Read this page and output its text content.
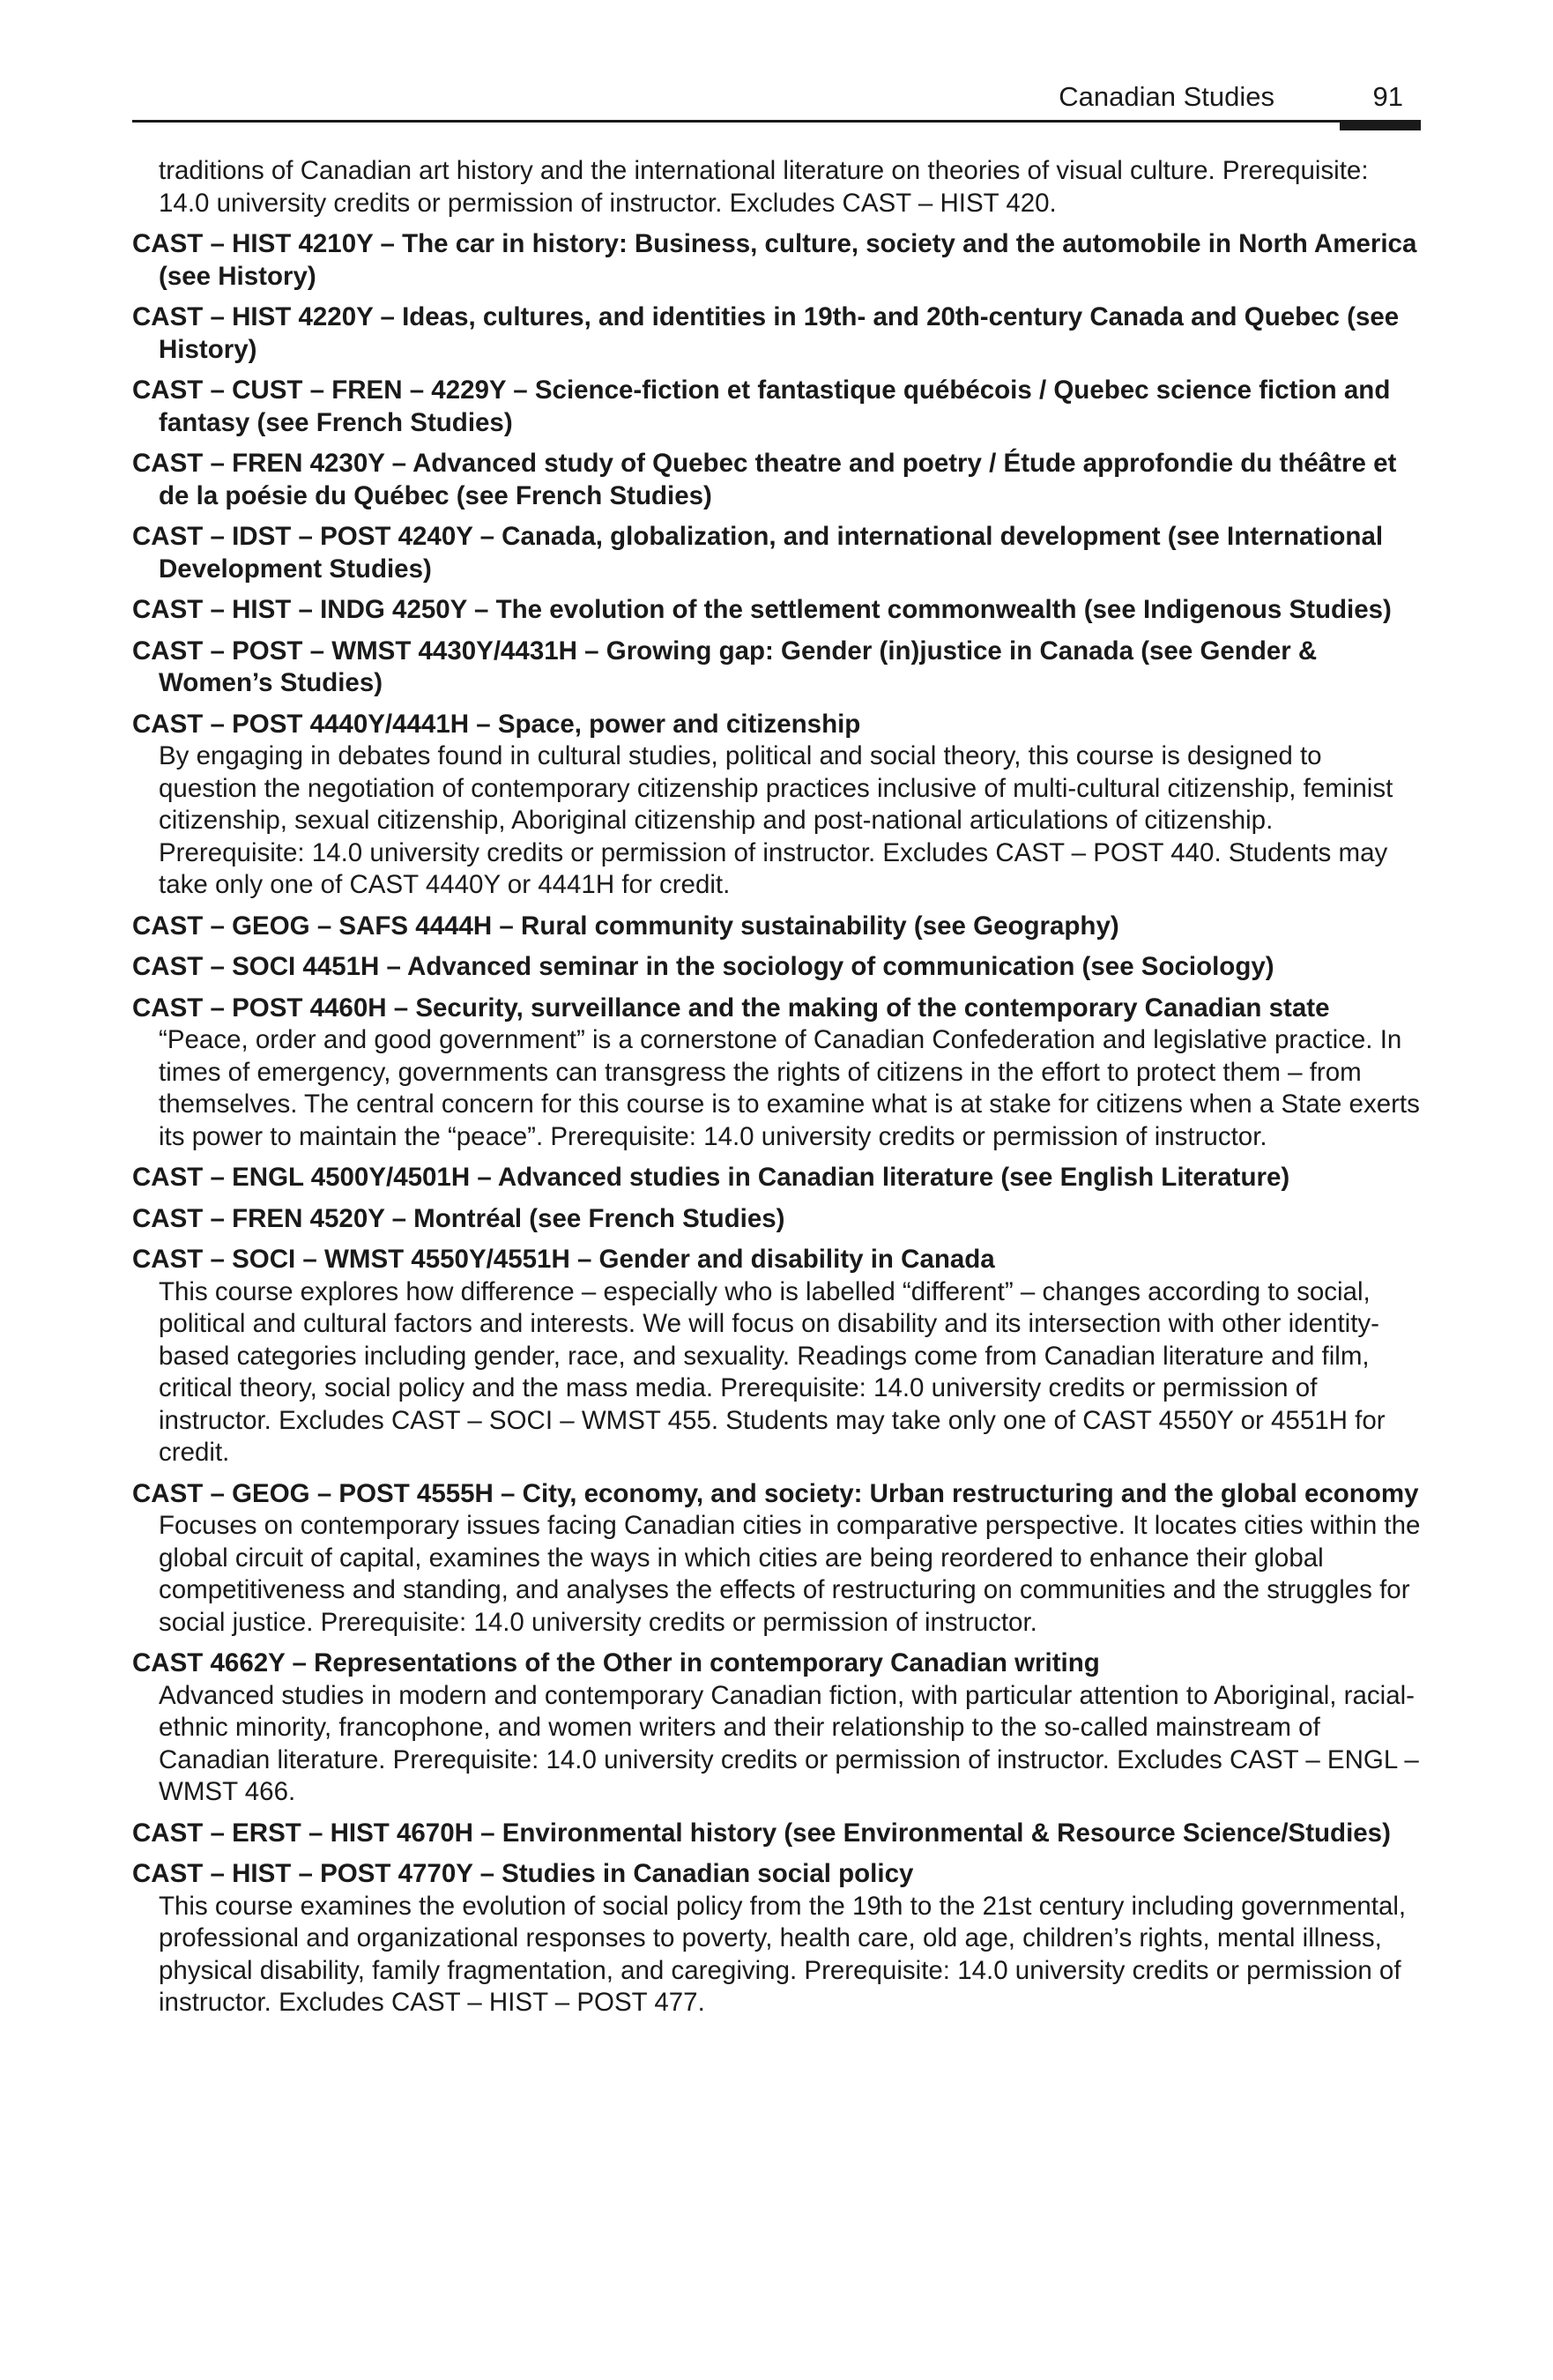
Canadian Studies	91
traditions of Canadian art history and the international literature on theories of visual culture. Prerequisite: 14.0 university credits or permission of instructor. Excludes CAST – HIST 420.
CAST – HIST 4210Y – The car in history: Business, culture, society and the automobile in North America (see History)
CAST – HIST 4220Y – Ideas, cultures, and identities in 19th- and 20th-century Canada and Quebec (see History)
CAST – CUST – FREN – 4229Y – Science-fiction et fantastique québécois / Quebec science fiction and fantasy (see French Studies)
CAST – FREN 4230Y – Advanced study of Quebec theatre and poetry / Étude approfondie du théâtre et de la poésie du Québec (see French Studies)
CAST – IDST – POST 4240Y – Canada, globalization, and international development (see International Development Studies)
CAST – HIST – INDG 4250Y – The evolution of the settlement commonwealth (see Indigenous Studies)
CAST – POST – WMST 4430Y/4431H – Growing gap: Gender (in)justice in Canada (see Gender & Women’s Studies)
CAST – POST 4440Y/4441H – Space, power and citizenship
By engaging in debates found in cultural studies, political and social theory, this course is designed to question the negotiation of contemporary citizenship practices inclusive of multi-cultural citizenship, feminist citizenship, sexual citizenship, Aboriginal citizenship and post-national articulations of citizenship. Prerequisite: 14.0 university credits or permission of instructor. Excludes CAST – POST 440. Students may take only one of CAST 4440Y or 4441H for credit.
CAST – GEOG – SAFS 4444H – Rural community sustainability (see Geography)
CAST – SOCI 4451H – Advanced seminar in the sociology of communication (see Sociology)
CAST – POST 4460H – Security, surveillance and the making of the contemporary Canadian state
“Peace, order and good government” is a cornerstone of Canadian Confederation and legislative practice. In times of emergency, governments can transgress the rights of citizens in the effort to protect them – from themselves. The central concern for this course is to examine what is at stake for citizens when a State exerts its power to maintain the “peace”. Prerequisite: 14.0 university credits or permission of instructor.
CAST – ENGL 4500Y/4501H – Advanced studies in Canadian literature (see English Literature)
CAST – FREN 4520Y – Montréal (see French Studies)
CAST – SOCI – WMST 4550Y/4551H – Gender and disability in Canada
This course explores how difference – especially who is labelled “different” – changes according to social, political and cultural factors and interests. We will focus on disability and its intersection with other identity-based categories including gender, race, and sexuality. Readings come from Canadian literature and film, critical theory, social policy and the mass media. Prerequisite: 14.0 university credits or permission of instructor. Excludes CAST – SOCI – WMST 455. Students may take only one of CAST 4550Y or 4551H for credit.
CAST – GEOG – POST 4555H – City, economy, and society: Urban restructuring and the global economy
Focuses on contemporary issues facing Canadian cities in comparative perspective. It locates cities within the global circuit of capital, examines the ways in which cities are being reordered to enhance their global competitiveness and standing, and analyses the effects of restructuring on communities and the struggles for social justice. Prerequisite: 14.0 university credits or permission of instructor.
CAST 4662Y – Representations of the Other in contemporary Canadian writing
Advanced studies in modern and contemporary Canadian fiction, with particular attention to Aboriginal, racial-ethnic minority, francophone, and women writers and their relationship to the so-called mainstream of Canadian literature. Prerequisite: 14.0 university credits or permission of instructor. Excludes CAST – ENGL – WMST 466.
CAST – ERST – HIST 4670H – Environmental history (see Environmental & Resource Science/Studies)
CAST – HIST – POST 4770Y – Studies in Canadian social policy
This course examines the evolution of social policy from the 19th to the 21st century including governmental, professional and organizational responses to poverty, health care, old age, children’s rights, mental illness, physical disability, family fragmentation, and caregiving. Prerequisite: 14.0 university credits or permission of instructor. Excludes CAST – HIST – POST 477.
